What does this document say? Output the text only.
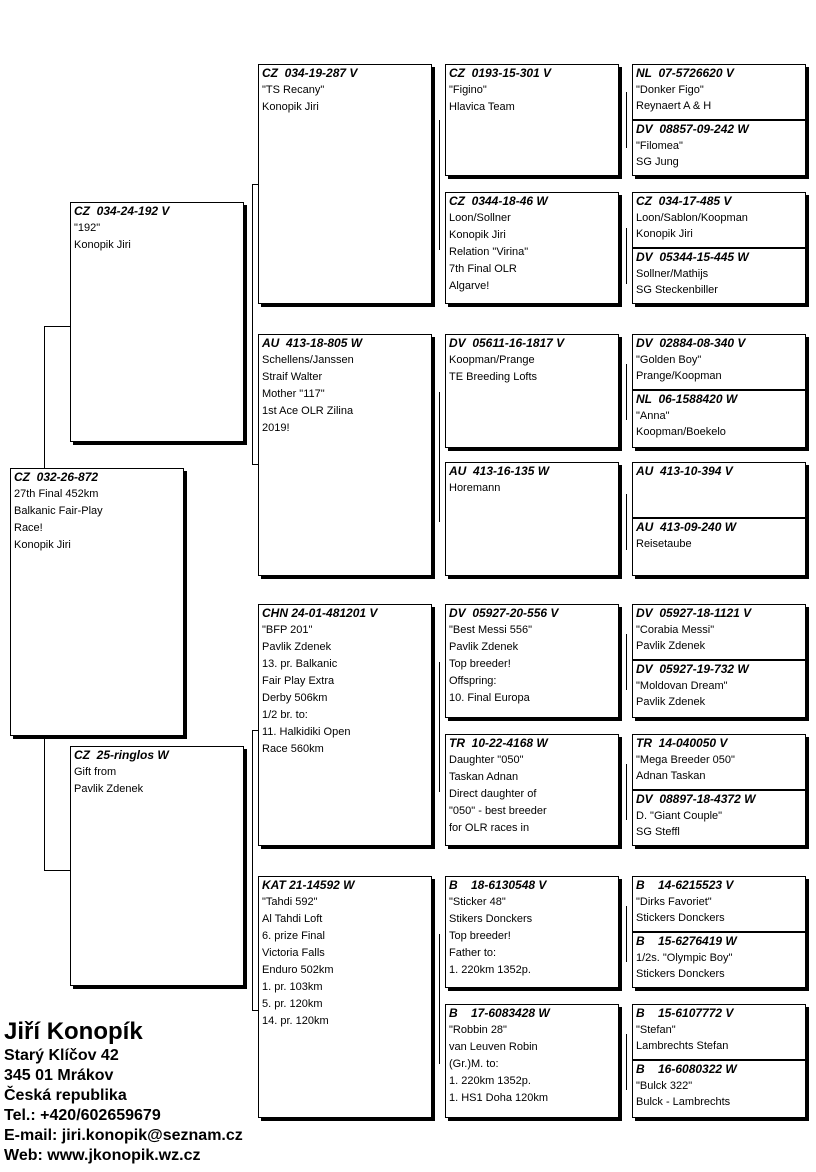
CZ  032-26-872
27th Final 452km
Balkanic Fair-Play
Race!
Konopik Jiri
CZ  034-24-192 V
"192"
Konopik Jiri
CZ  25-ringlos W
Gift from
Pavlik Zdenek
CZ  034-19-287 V
"TS Recany"
Konopik Jiri
AU  413-18-805 W
Schellens/Janssen
Straif Walter
Mother "117"
1st Ace OLR Zilina
2019!
CHN 24-01-481201 V
"BFP 201"
Pavlik Zdenek
13. pr. Balkanic
Fair Play Extra
Derby 506km
1/2 br. to:
11. Halkidiki Open
Race 560km
KAT 21-14592 W
"Tahdi 592"
Al Tahdi Loft
6. prize Final
Victoria Falls
Enduro 502km
1. pr. 103km
5. pr. 120km
14. pr. 120km
CZ  0193-15-301 V
"Figino"
Hlavica Team
CZ  0344-18-46 W
Loon/Sollner
Konopik Jiri
Relation "Virina"
7th Final OLR
Algarve!
DV  05611-16-1817 V
Koopman/Prange
TE Breeding Lofts
AU  413-16-135 W
Horemann
DV  05927-20-556 V
"Best Messi 556"
Pavlik Zdenek
Top breeder!
Offspring:
10. Final Europa
TR  10-22-4168 W
Daughter "050"
Taskan Adnan
Direct daughter of
"050" - best breeder
for OLR races in
B    18-6130548 V
"Sticker 48"
Stikers Donckers
Top breeder!
Father to:
1. 220km 1352p.
B    17-6083428 W
"Robbin 28"
van Leuven Robin
(Gr.)M. to:
1. 220km 1352p.
1. HS1 Doha 120km
NL  07-5726620 V
"Donker Figo"
Reynaert A & H
DV  08857-09-242 W
"Filomea"
SG Jung
CZ  034-17-485 V
Loon/Sablon/Koopman
Konopik Jiri
DV  05344-15-445 W
Sollner/Mathijs
SG Steckenbiller
DV  02884-08-340 V
"Golden Boy"
Prange/Koopman
NL  06-1588420 W
"Anna"
Koopman/Boekelo
AU  413-10-394 V
AU  413-09-240 W
Reisetaube
DV  05927-18-1121 V
"Corabia Messi"
Pavlik Zdenek
DV  05927-19-732 W
"Moldovan Dream"
Pavlik Zdenek
TR  14-040050 V
"Mega Breeder 050"
Adnan Taskan
DV  08897-18-4372 W
D. "Giant Couple"
SG Steffl
B    14-6215523 V
"Dirks Favoriet"
Stickers Donckers
B    15-6276419 W
1/2s. "Olympic Boy"
Stickers Donckers
B    15-6107772 V
"Stefan"
Lambrechts Stefan
B    16-6080322 W
"Bulck 322"
Bulck - Lambrechts
Jiří Konopík
Starý Klíčov 42
345 01 Mrákov
Česká republika
Tel.: +420/602659679
E-mail: jiri.konopik@seznam.cz
Web: www.jkonopik.wz.cz
